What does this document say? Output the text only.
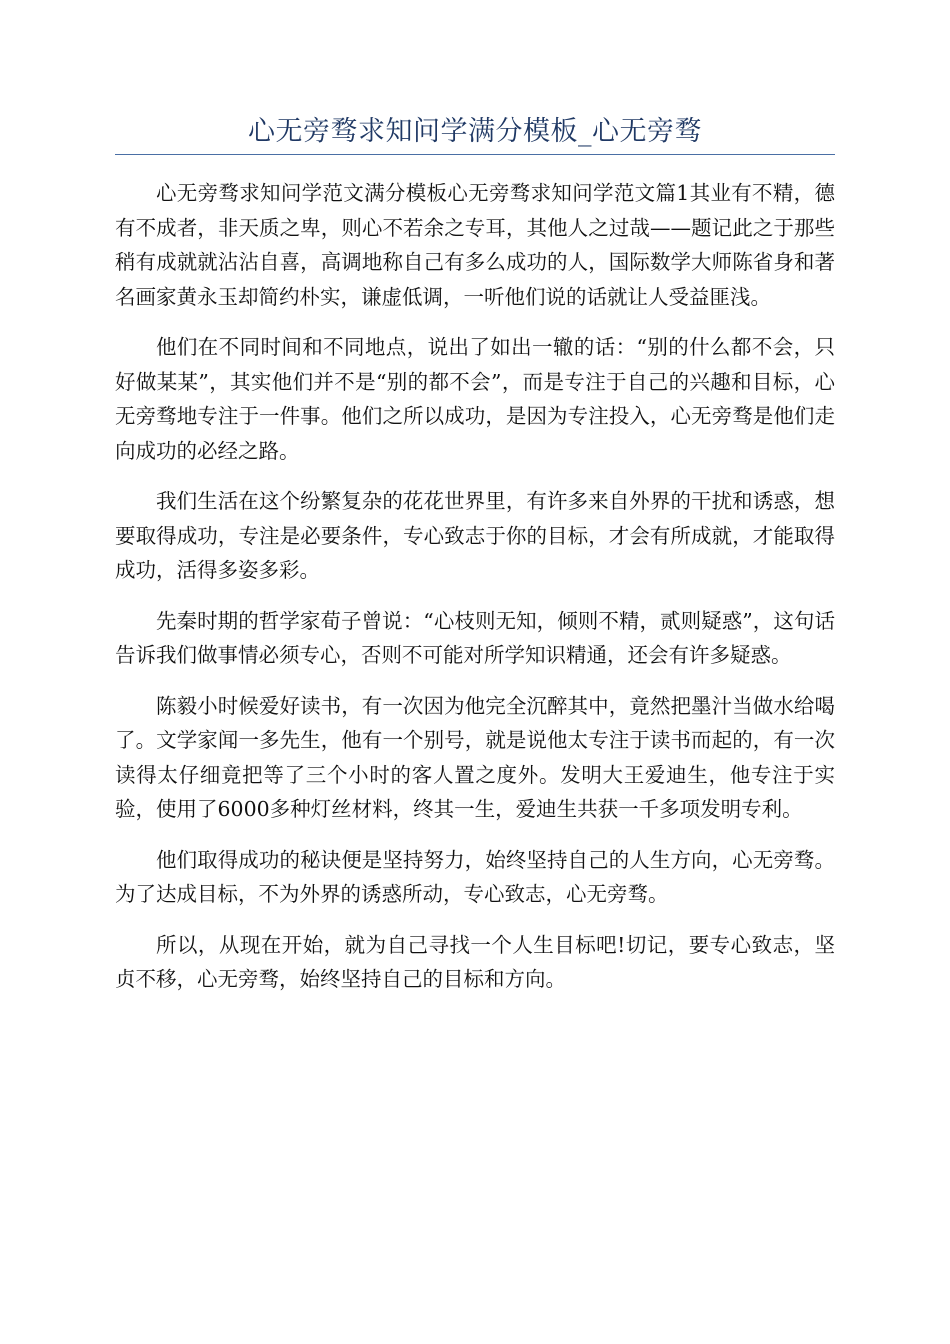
心无旁骛求知问学满分模板_心无旁骛

心无旁骛求知问学范文满分模板心无旁骛求知问学范文篇1其业有不精，德有不成者，非天质之卑，则心不若余之专耳，其他人之过哉——题记此之于那些稍有成就就沾沾自喜，高调地称自己有多么成功的人，国际数学大师陈省身和著名画家黄永玉却简约朴实，谦虚低调，一听他们说的话就让人受益匪浅。

他们在不同时间和不同地点，说出了如出一辙的话：“别的什么都不会，只好做某某”，其实他们并不是“别的都不会”，而是专注于自己的兴趣和目标，心无旁骛地专注于一件事。他们之所以成功，是因为专注投入，心无旁骛是他们走向成功的必经之路。

我们生活在这个纷繁复杂的花花世界里，有许多来自外界的干扰和诱惑，想要取得成功，专注是必要条件，专心致志于你的目标，才会有所成就，才能取得成功，活得多姿多彩。

先秦时期的哲学家荀子曾说：“心枝则无知，倾则不精，贰则疑惑”，这句话告诉我们做事情必须专心，否则不可能对所学知识精通，还会有许多疑惑。

陈毅小时候爱好读书，有一次因为他完全沉醉其中，竟然把墨汁当做水给喝了。文学家闻一多先生，他有一个别号，就是说他太专注于读书而起的，有一次读得太仔细竟把等了三个小时的客人置之度外。发明大王爱迪生，他专注于实验，使用了6000多种灯丝材料，终其一生，爱迪生共获一千多项发明专利。

他们取得成功的秘诀便是坚持努力，始终坚持自己的人生方向，心无旁骛。为了达成目标，不为外界的诱惑所动，专心致志，心无旁骛。

所以，从现在开始，就为自己寻找一个人生目标吧!切记，要专心致志，坚贞不移，心无旁骛，始终坚持自己的目标和方向。
